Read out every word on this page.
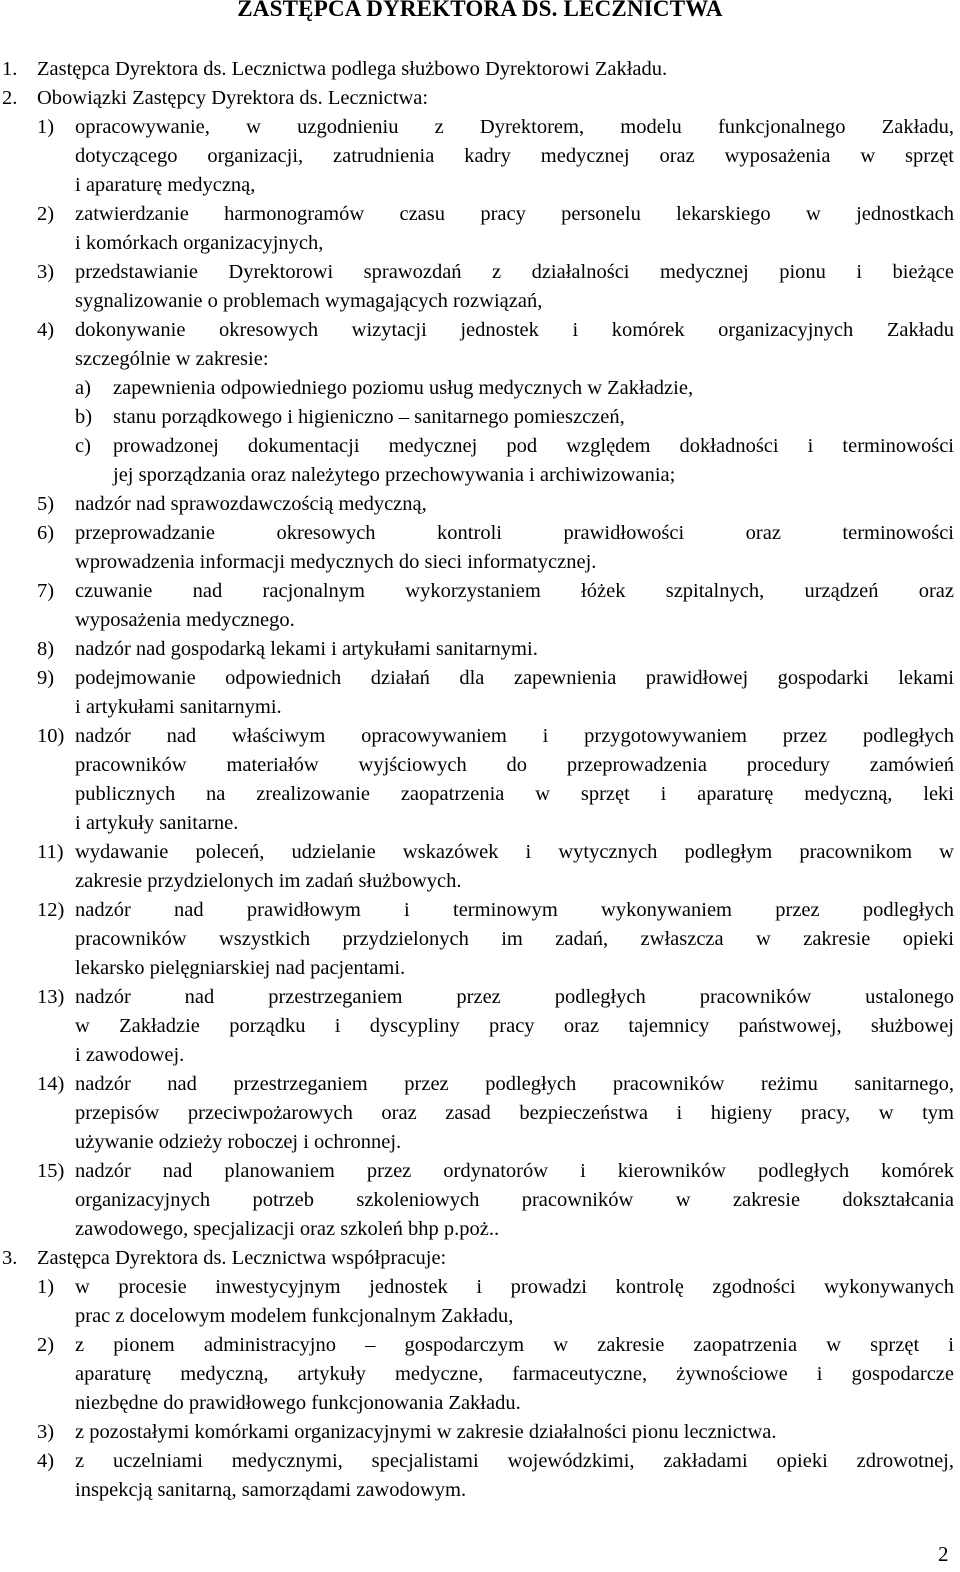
ZASTĘPCA DYREKTORA DS. LECZNICTWA
1. Zastępca Dyrektora ds. Lecznictwa podlega służbowo Dyrektorowi Zakładu.
2. Obowiązki Zastępcy Dyrektora ds. Lecznictwa:
1) opracowywanie, w uzgodnieniu z Dyrektorem, modelu funkcjonalnego Zakładu,
dotyczącego organizacji, zatrudnienia kadry medycznej oraz wyposażenia w sprzęt
i aparaturę medyczną,
2) zatwierdzanie harmonogramów czasu pracy personelu lekarskiego w jednostkach
i komórkach organizacyjnych,
3) przedstawianie Dyrektorowi sprawozdań z działalności medycznej pionu i bieżące
sygnalizowanie o problemach wymagających rozwiązań,
4) dokonywanie okresowych wizytacji jednostek i komórek organizacyjnych Zakładu
szczególnie w zakresie:
a) zapewnienia odpowiedniego poziomu usług medycznych w Zakładzie,
b) stanu porządkowego i higieniczno – sanitarnego pomieszczeń,
c) prowadzonej dokumentacji medycznej pod względem dokładności i terminowości
jej sporządzania oraz należytego przechowywania i archiwizowania;
5) nadzór nad sprawozdawczością medyczną,
6) przeprowadzanie okresowych kontroli prawidłowości oraz terminowości
wprowadzenia informacji medycznych do sieci informatycznej.
7) czuwanie nad racjonalnym wykorzystaniem łóżek szpitalnych, urządzeń oraz
wyposażenia medycznego.
8) nadzór nad gospodarką lekami i artykułami sanitarnymi.
9) podejmowanie odpowiednich działań dla zapewnienia prawidłowej gospodarki lekami
i artykułami sanitarnymi.
10) nadzór nad właściwym opracowywaniem i przygotowywaniem przez podległych
pracowników materiałów wyjściowych do przeprowadzenia procedury zamówień
publicznych na zrealizowanie zaopatrzenia w sprzęt i aparaturę medyczną, leki
i artykuły sanitarne.
11) wydawanie poleceń, udzielanie wskazówek i wytycznych podległym pracownikom w
zakresie przydzielonych im zadań służbowych.
12) nadzór nad prawidłowym i terminowym wykonywaniem przez podległych
pracowników wszystkich przydzielonych im zadań, zwłaszcza w zakresie opieki
lekarsko pielęgniarskiej nad pacjentami.
13) nadzór nad przestrzeganiem przez podległych pracowników ustalonego
w Zakładzie porządku i dyscypliny pracy oraz tajemnicy państwowej, służbowej
i zawodowej.
14) nadzór nad przestrzeganiem przez podległych pracowników reżimu sanitarnego,
przepisów przeciwpożarowych oraz zasad bezpieczeństwa i higieny pracy, w tym
używanie odzieży roboczej i ochronnej.
15) nadzór nad planowaniem przez ordynatorów i kierowników podległych komórek
organizacyjnych potrzeb szkoleniowych pracowników w zakresie dokształcania
zawodowego, specjalizacji oraz szkoleń bhp p.poż..
3. Zastępca Dyrektora ds. Lecznictwa współpracuje:
1) w procesie inwestycyjnym jednostek i prowadzi kontrolę zgodności wykonywanych
prac z docelowym modelem funkcjonalnym Zakładu,
2) z pionem administracyjno – gospodarczym w zakresie zaopatrzenia w sprzęt i
aparaturę medyczną, artykuły medyczne, farmaceutyczne, żywnościowe i gospodarcze
niezbędne do prawidłowego funkcjonowania Zakładu.
3) z pozostałymi komórkami organizacyjnymi w zakresie działalności pionu lecznictwa.
4) z uczelniami medycznymi, specjalistami wojewódzkimi, zakładami opieki zdrowotnej,
inspekcją sanitarną, samorządami zawodowym.
2
